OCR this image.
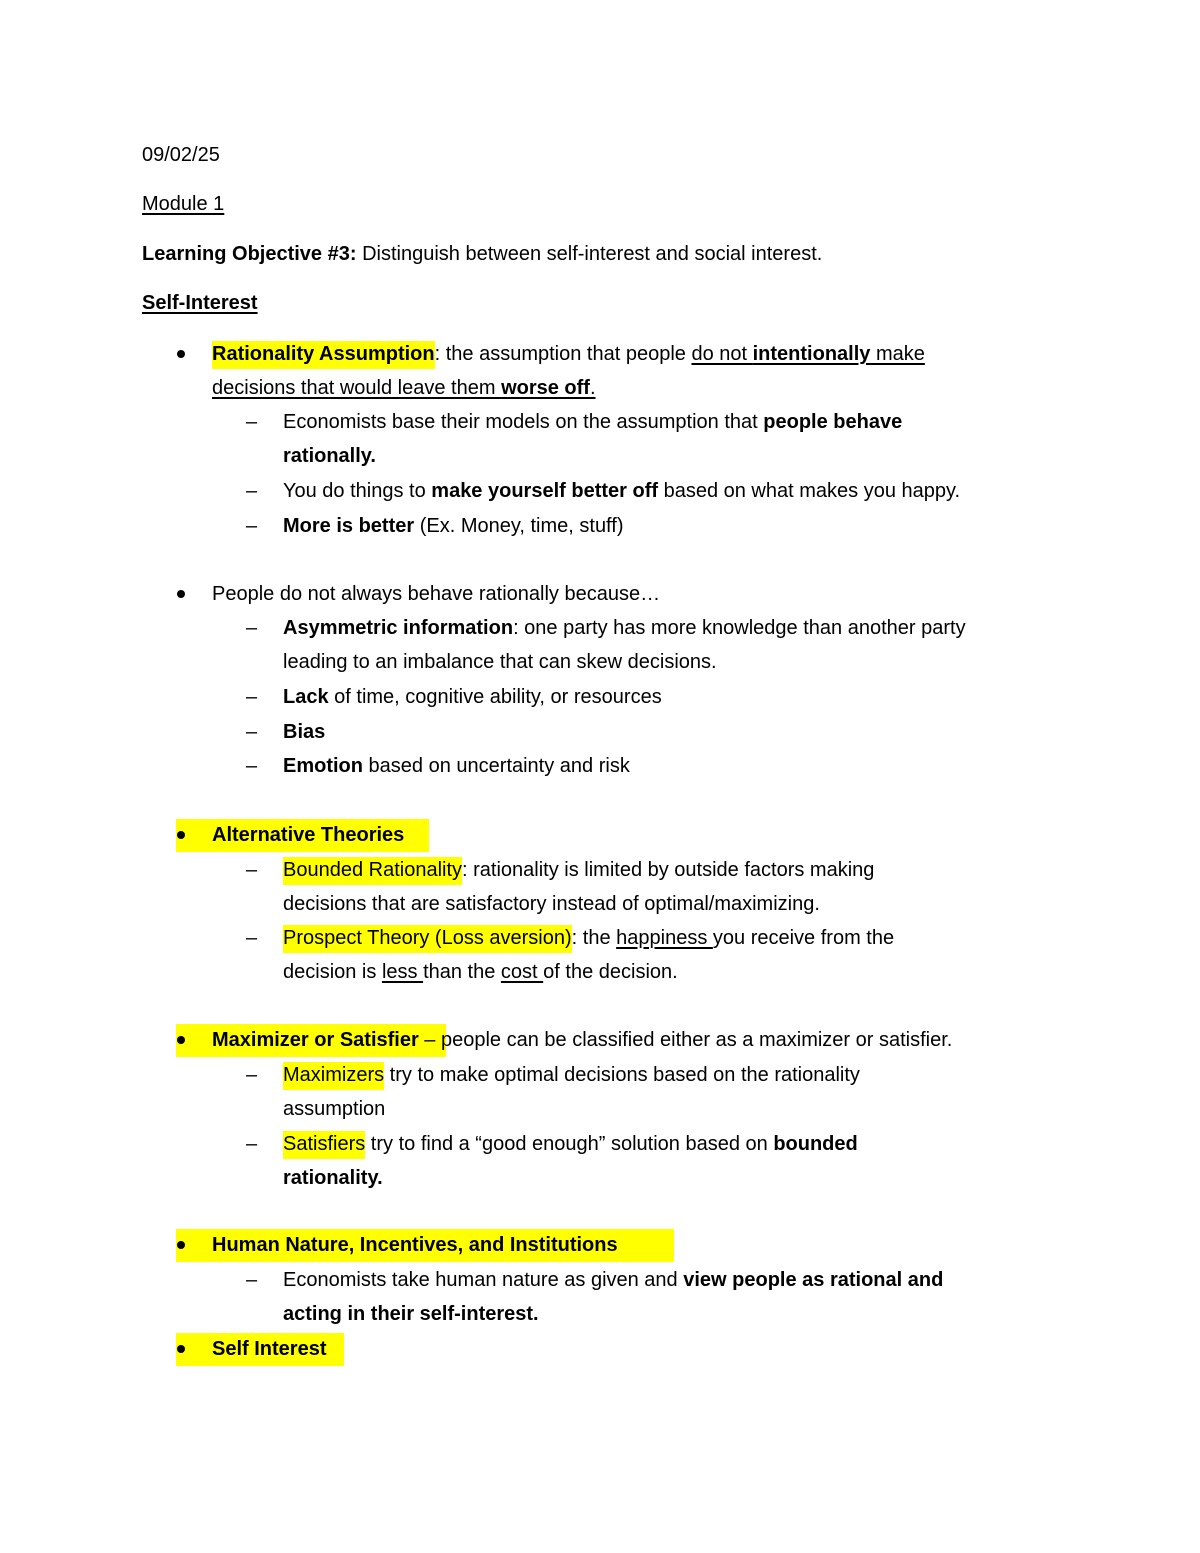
09/02/25
Module 1
Learning Objective #3: Distinguish between self-interest and social interest.
Self-Interest
Rationality Assumption: the assumption that people do not intentionally make
decisions that would leave them worse off.
– Economists base their models on the assumption that people behave
rationally.
– You do things to make yourself better off based on what makes you happy.
– More is better (Ex. Money, time, stuff)
People do not always behave rationally because…
– Asymmetric information: one party has more knowledge than another party
leading to an imbalance that can skew decisions.
– Lack of time, cognitive ability, or resources
– Bias
– Emotion based on uncertainty and risk
Alternative Theories
– Bounded Rationality: rationality is limited by outside factors making
decisions that are satisfactory instead of optimal/maximizing.
– Prospect Theory (Loss aversion): the happiness you receive from the
decision is less than the cost of the decision.
Maximizer or Satisfier – people can be classified either as a maximizer or satisfier.
– Maximizers try to make optimal decisions based on the rationality
assumption
– Satisfiers try to find a “good enough” solution based on bounded
rationality.
Human Nature, Incentives, and Institutions
– Economists take human nature as given and view people as rational and
acting in their self-interest.
Self Interest
